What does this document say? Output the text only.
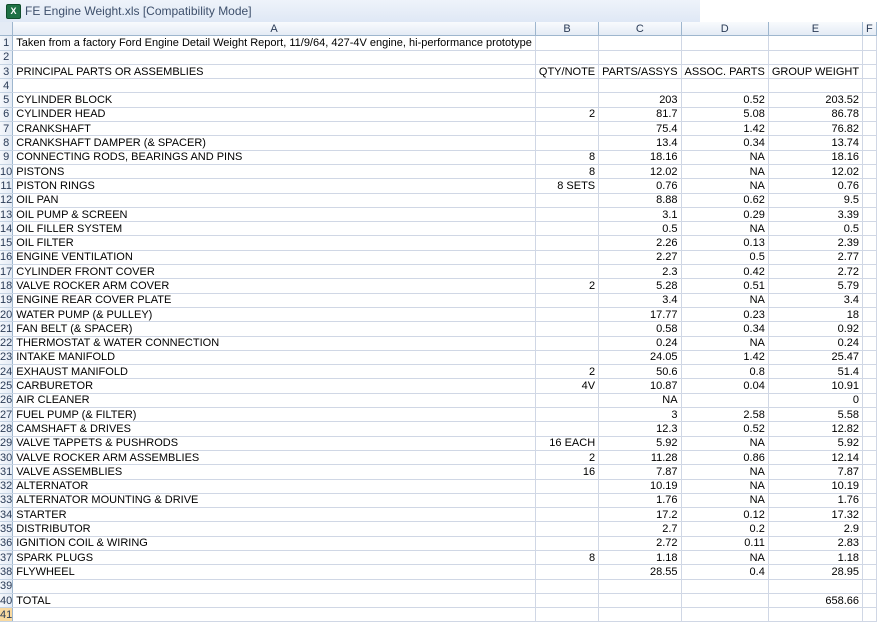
X FE Engine Weight.xls [Compatibility Mode]
	A	B	C	D	E	F
1	Taken from a factory Ford Engine Detail Weight Report, 11/9/64, 427-4V engine, hi-performance prototype					
2						
3	PRINCIPAL PARTS OR ASSEMBLIES	QTY/NOTE	PARTS/ASSYS	ASSOC. PARTS	GROUP WEIGHT	
4						
5	CYLINDER BLOCK		203	0.52	203.52	
6	CYLINDER HEAD	2	81.7	5.08	86.78	
7	CRANKSHAFT		75.4	1.42	76.82	
8	CRANKSHAFT DAMPER (& SPACER)		13.4	0.34	13.74	
9	CONNECTING RODS, BEARINGS AND PINS	8	18.16	NA	18.16	
10	PISTONS	8	12.02	NA	12.02	
11	PISTON RINGS	8 SETS	0.76	NA	0.76	
12	OIL PAN		8.88	0.62	9.5	
13	OIL PUMP & SCREEN		3.1	0.29	3.39	
14	OIL FILLER SYSTEM		0.5	NA	0.5	
15	OIL FILTER		2.26	0.13	2.39	
16	ENGINE VENTILATION		2.27	0.5	2.77	
17	CYLINDER FRONT COVER		2.3	0.42	2.72	
18	VALVE ROCKER ARM COVER	2	5.28	0.51	5.79	
19	ENGINE REAR COVER PLATE		3.4	NA	3.4	
20	WATER PUMP (& PULLEY)		17.77	0.23	18	
21	FAN BELT (& SPACER)		0.58	0.34	0.92	
22	THERMOSTAT & WATER CONNECTION		0.24	NA	0.24	
23	INTAKE MANIFOLD		24.05	1.42	25.47	
24	EXHAUST MANIFOLD	2	50.6	0.8	51.4	
25	CARBURETOR	4V	10.87	0.04	10.91	
26	AIR CLEANER		NA		0	
27	FUEL PUMP (& FILTER)		3	2.58	5.58	
28	CAMSHAFT & DRIVES		12.3	0.52	12.82	
29	VALVE TAPPETS & PUSHRODS	16 EACH	5.92	NA	5.92	
30	VALVE ROCKER ARM ASSEMBLIES	2	11.28	0.86	12.14	
31	VALVE ASSEMBLIES	16	7.87	NA	7.87	
32	ALTERNATOR		10.19	NA	10.19	
33	ALTERNATOR MOUNTING & DRIVE		1.76	NA	1.76	
34	STARTER		17.2	0.12	17.32	
35	DISTRIBUTOR		2.7	0.2	2.9	
36	IGNITION COIL & WIRING		2.72	0.11	2.83	
37	SPARK PLUGS	8	1.18	NA	1.18	
38	FLYWHEEL		28.55	0.4	28.95	
39						
40	TOTAL				658.66	
41						
